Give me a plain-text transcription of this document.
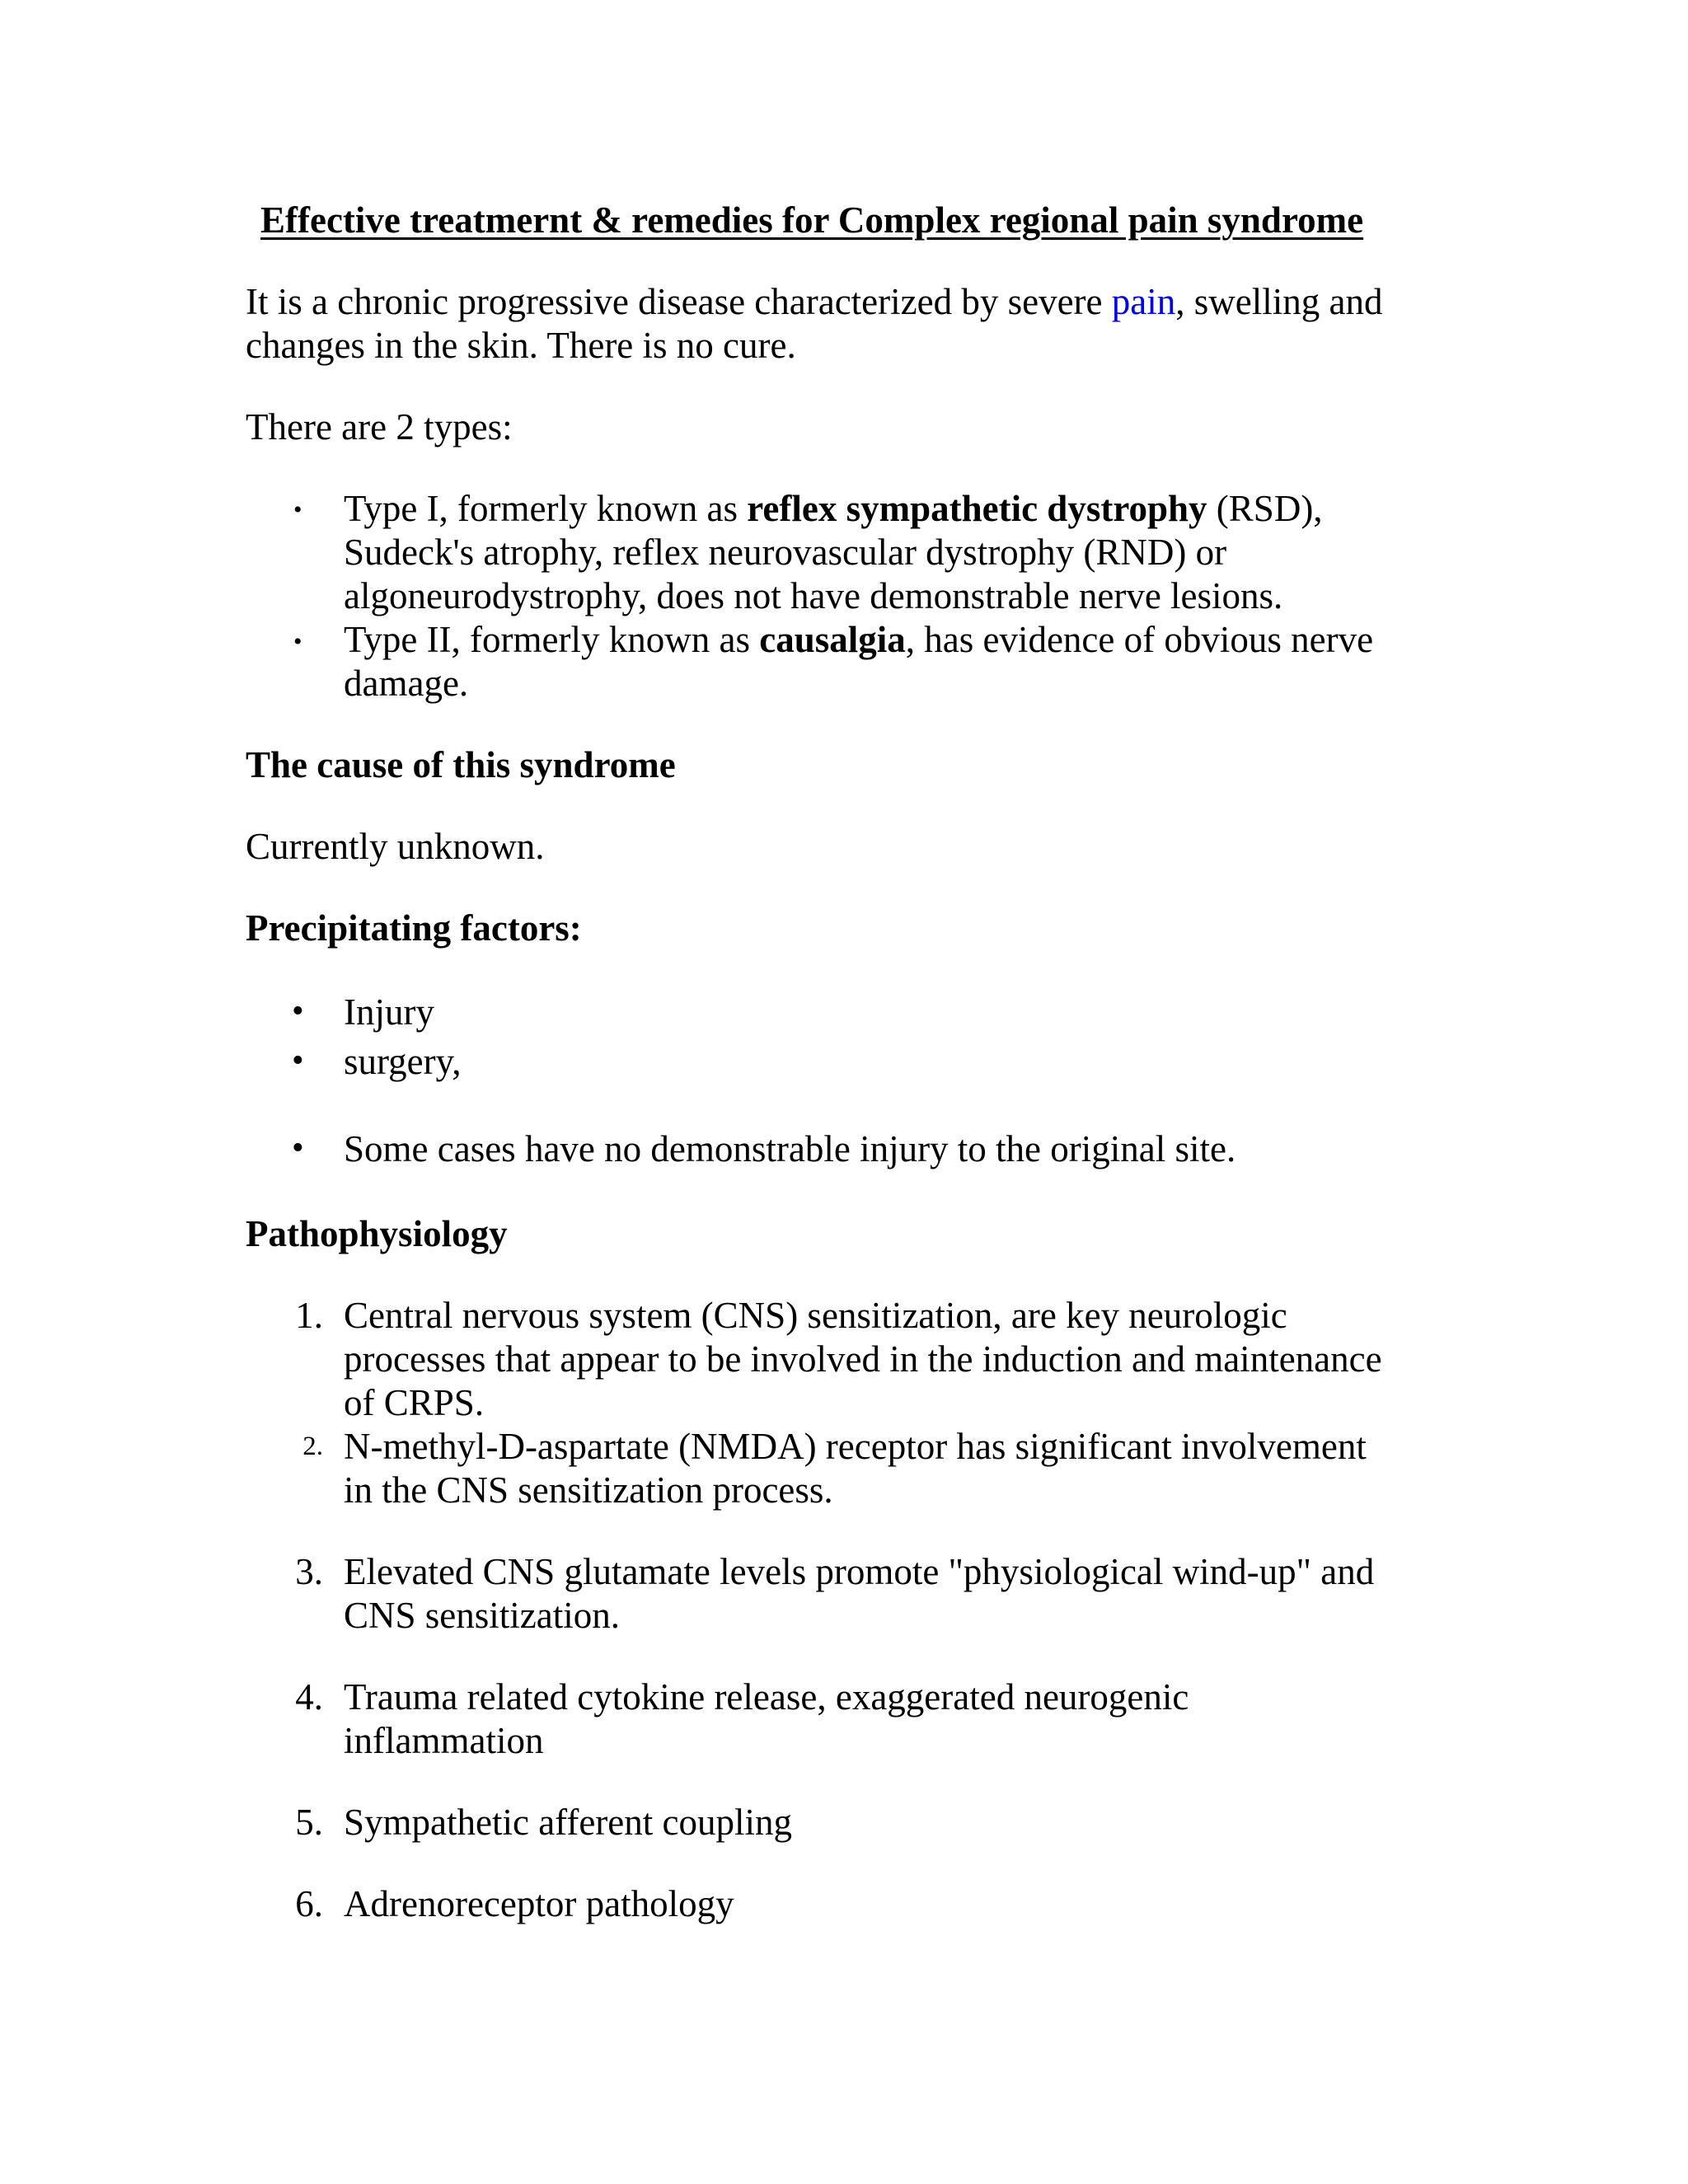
Effective treatmernt & remedies for Complex regional pain syndrome
It is a chronic progressive disease characterized by severe pain, swelling and
changes in the skin. There is no cure.
There are 2 types:
• Type I, formerly known as reflex sympathetic dystrophy (RSD),
Sudeck's atrophy, reflex neurovascular dystrophy (RND) or
algoneurodystrophy, does not have demonstrable nerve lesions.
• Type II, formerly known as causalgia, has evidence of obvious nerve
damage.
The cause of this syndrome
Currently unknown.
Precipitating factors:
• Injury
• surgery,
• Some cases have no demonstrable injury to the original site.
Pathophysiology
1. Central nervous system (CNS) sensitization, are key neurologic
processes that appear to be involved in the induction and maintenance
of CRPS.
2. N-methyl-D-aspartate (NMDA) receptor has significant involvement
in the CNS sensitization process.
3. Elevated CNS glutamate levels promote "physiological wind-up" and
CNS sensitization.
4. Trauma related cytokine release, exaggerated neurogenic
inflammation
5. Sympathetic afferent coupling
6. Adrenoreceptor pathology
